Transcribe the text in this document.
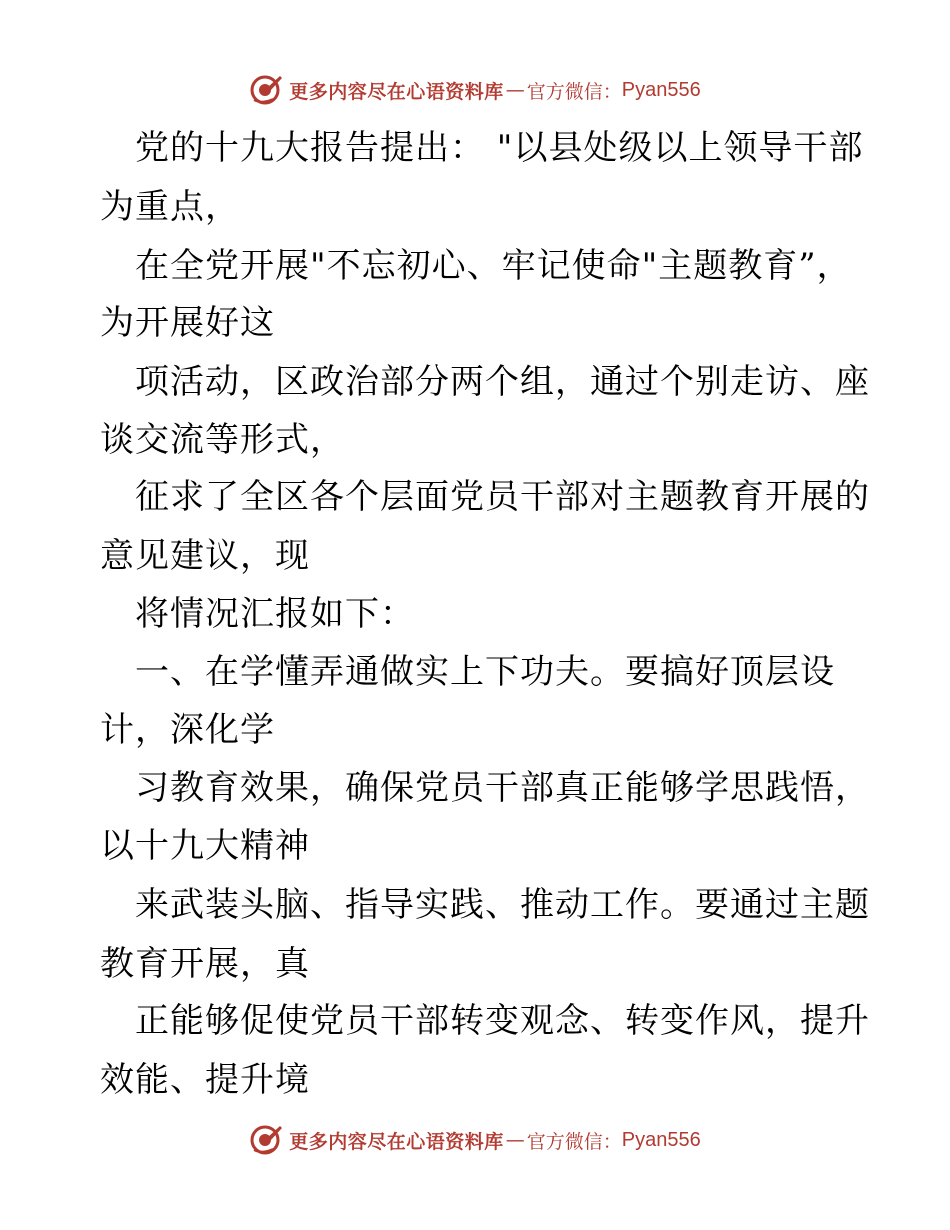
更多内容尽在心语资料库 — 官方微信： Pyan556
党的十九大报告提出： "以县处级以上领导干部
为重点，
在全党开展"不忘初心、牢记使命"主题教育”，
为开展好这
项活动，区政治部分两个组，通过个别走访、座
谈交流等形式，
征求了全区各个层面党员干部对主题教育开展的
意见建议，现
将情况汇报如下：
一、在学懂弄通做实上下功夫。要搞好顶层设
计，深化学
习教育效果，确保党员干部真正能够学思践悟，
以十九大精神
来武装头脑、指导实践、推动工作。要通过主题
教育开展，真
正能够促使党员干部转变观念、转变作风，提升
效能、提升境
更多内容尽在心语资料库 — 官方微信： Pyan556
